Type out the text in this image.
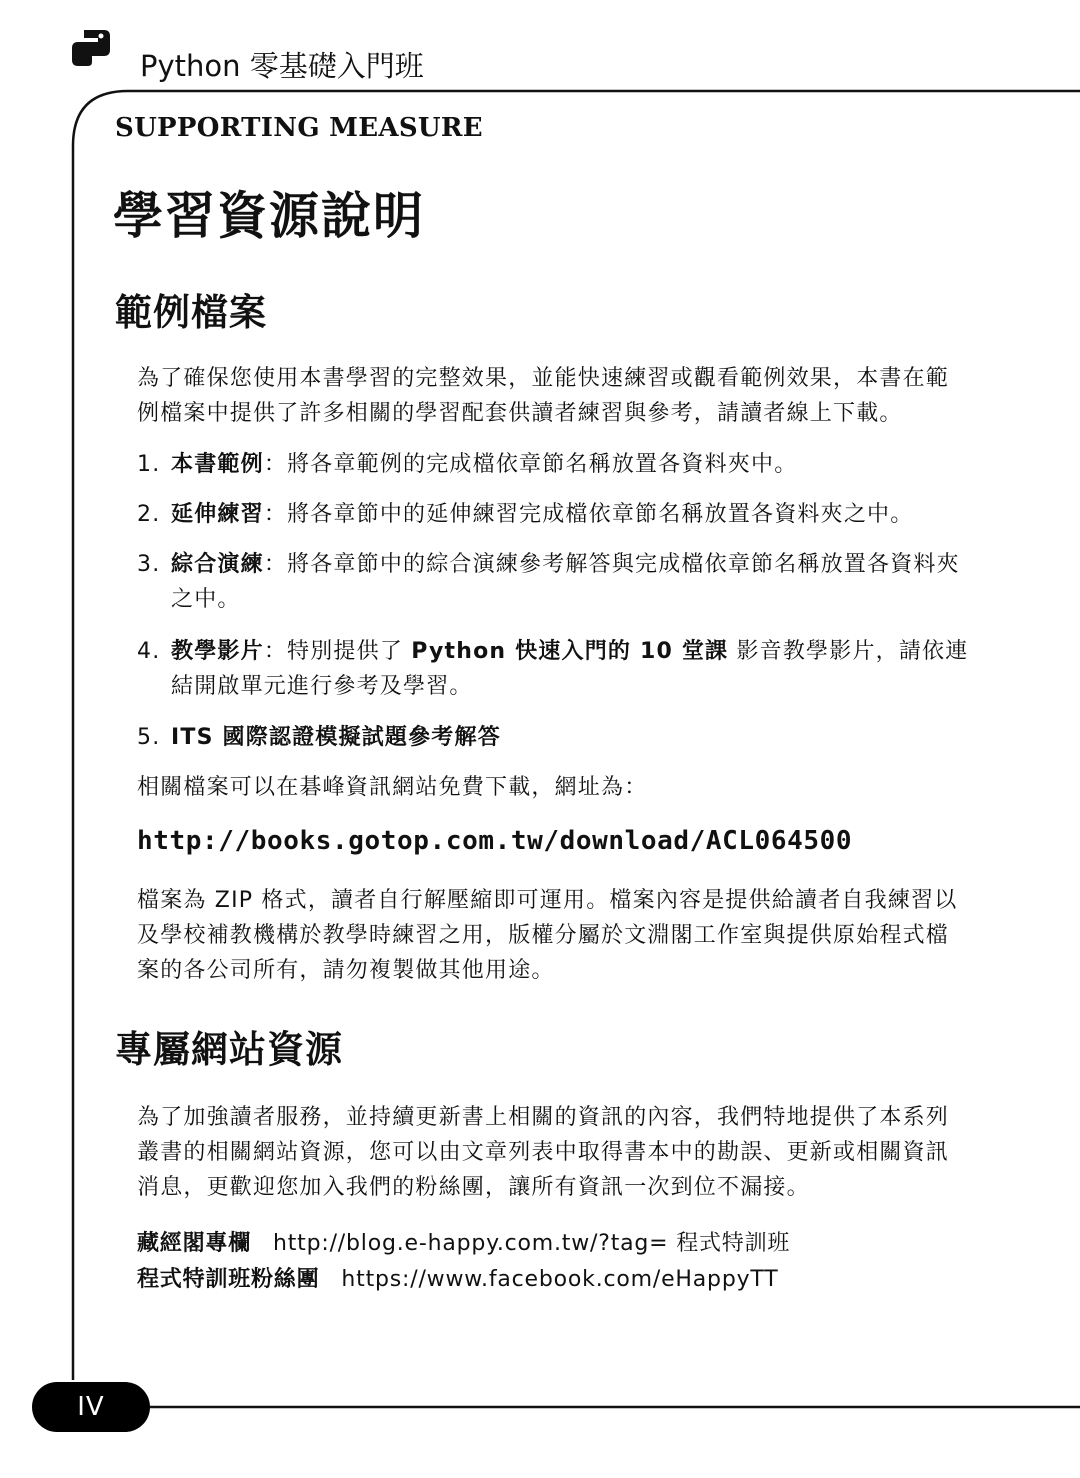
Python 零基礎入門班
SUPPORTING MEASURE
學習資源說明
範例檔案
為了確保您使用本書學習的完整效果，並能快速練習或觀看範例效果，本書在範例檔案中提供了許多相關的學習配套供讀者練習與參考，請讀者線上下載。
1. 本書範例：將各章範例的完成檔依章節名稱放置各資料夾中。
2. 延伸練習：將各章節中的延伸練習完成檔依章節名稱放置各資料夾之中。
3. 綜合演練：將各章節中的綜合演練參考解答與完成檔依章節名稱放置各資料夾之中。
4. 教學影片：特別提供了 Python 快速入門的 10 堂課 影音教學影片，請依連結開啟單元進行參考及學習。
5. ITS 國際認證模擬試題參考解答
相關檔案可以在碁峰資訊網站免費下載，網址為：
http://books.gotop.com.tw/download/ACL064500
檔案為 ZIP 格式，讀者自行解壓縮即可運用。檔案內容是提供給讀者自我練習以及學校補教機構於教學時練習之用，版權分屬於文淵閣工作室與提供原始程式檔案的各公司所有，請勿複製做其他用途。
專屬網站資源
為了加強讀者服務，並持續更新書上相關的資訊的內容，我們特地提供了本系列叢書的相關網站資源，您可以由文章列表中取得書本中的勘誤、更新或相關資訊消息，更歡迎您加入我們的粉絲團，讓所有資訊一次到位不漏接。
藏經閣專欄 http://blog.e-happy.com.tw/?tag= 程式特訓班
程式特訓班粉絲團 https://www.facebook.com/eHappyTT
IV
